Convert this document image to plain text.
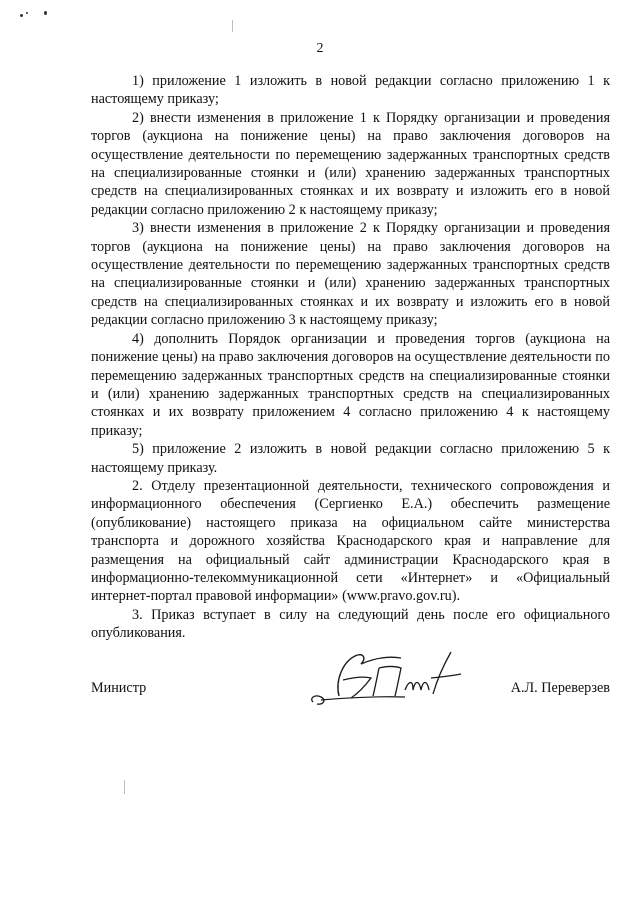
2

1) приложение 1 изложить в новой редакции согласно приложению 1 к настоящему приказу;

2) внести изменения в приложение 1 к Порядку организации и проведения торгов (аукциона на понижение цены) на право заключения договоров на осуществление деятельности по перемещению задержанных транспортных средств на специализированные стоянки и (или) хранению задержанных транспортных средств на специализированных стоянках и их возврату и изложить его в новой редакции согласно приложению 2 к настоящему приказу;

3) внести изменения в приложение 2 к Порядку организации и проведения торгов (аукциона на понижение цены) на право заключения договоров на осуществление деятельности по перемещению задержанных транспортных средств на специализированные стоянки и (или) хранению задержанных транспортных средств на специализированных стоянках и их возврату и изложить его в новой редакции согласно приложению 3 к настоящему приказу;

4) дополнить Порядок организации и проведения торгов (аукциона на понижение цены) на право заключения договоров на осуществление деятельности по перемещению задержанных транспортных средств на специализированные стоянки и (или) хранению задержанных транспортных средств на специализированных стоянках и их возврату приложением 4 согласно приложению 4 к настоящему приказу;

5) приложение 2 изложить в новой редакции согласно приложению 5 к настоящему приказу.

2. Отделу презентационной деятельности, технического сопровождения и информационного обеспечения (Сергиенко Е.А.) обеспечить размещение (опубликование) настоящего приказа на официальном сайте министерства транспорта и дорожного хозяйства Краснодарского края и направление для размещения на официальный сайт администрации Краснодарского края в информационно-телекоммуникационной сети «Интернет» и «Официальный интернет-портал правовой информации» (www.pravo.gov.ru).

3. Приказ вступает в силу на следующий день после его официального опубликования.

Министр	А.Л. Переверзев
